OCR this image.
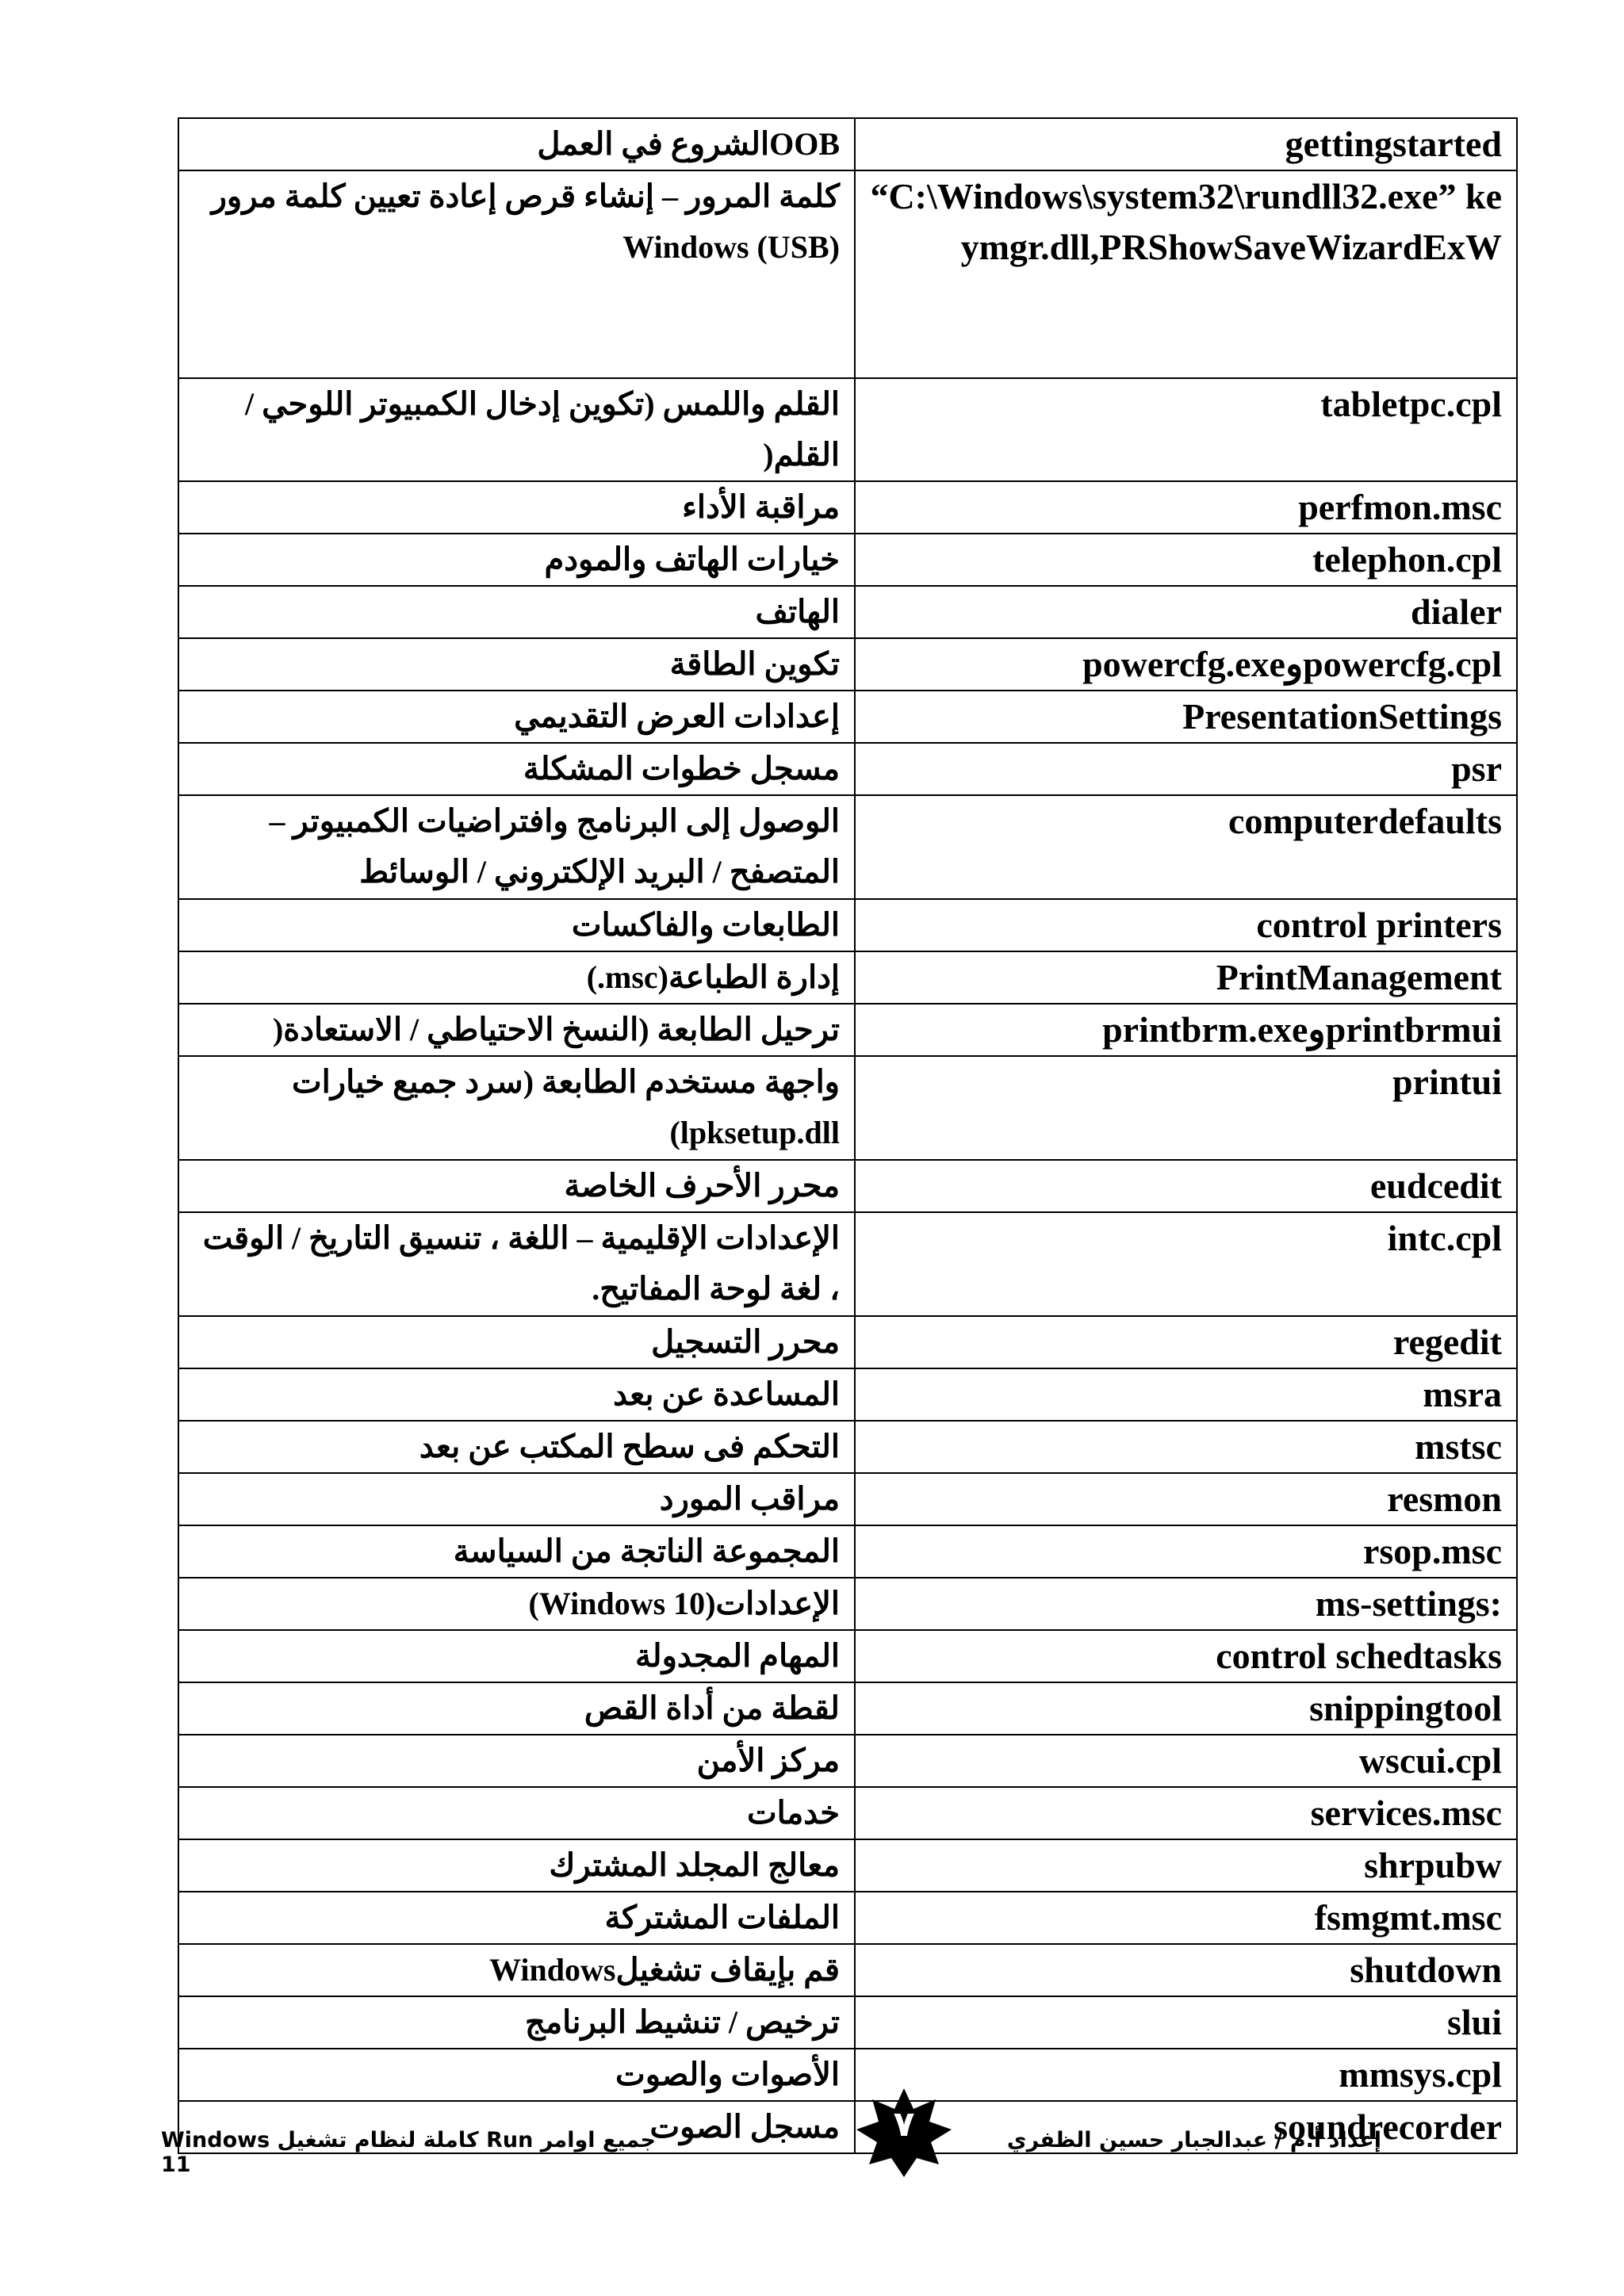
OOBالشروع في العمل	gettingstarted

كلمة المرور – إنشاء قرص إعادة تعيين كلمة مرور Windows (USB)	“C:\Windows\system32\rundll32.exe” keymgr.dll,PRShowSaveWizardExW

القلم واللمس (تكوين إدخال الكمبيوتر اللوحي / القلم(	tabletpc.cpl

مراقبة الأداء	perfmon.msc

خيارات الهاتف والمودم	telephon.cpl

الهاتف	dialer

تكوين الطاقة	powercfg.exeوpowercfg.cpl

إعدادات العرض التقديمي	PresentationSettings

مسجل خطوات المشكلة	psr

الوصول إلى البرنامج وافتراضيات الكمبيوتر – المتصفح / البريد الإلكتروني / الوسائط	computerdefaults

الطابعات والفاكسات	control printers

إدارة الطباعة(msc.)	PrintManagement

ترحيل الطابعة (النسخ الاحتياطي / الاستعادة(	printbrm.exeوprintbrmui

واجهة مستخدم الطابعة (سرد جميع خيارات lpksetup.dll)	printui

محرر الأحرف الخاصة	eudcedit

الإعدادات الإقليمية – اللغة ، تنسيق التاريخ / الوقت ، لغة لوحة المفاتيح.	intc.cpl

محرر التسجيل	regedit

المساعدة عن بعد	msra

التحكم فى سطح المكتب عن بعد	mstsc

مراقب المورد	resmon

المجموعة الناتجة من السياسة	rsop.msc

الإعدادات(Windows 10)	ms-settings:

المهام المجدولة	control schedtasks

لقطة من أداة القص	snippingtool

مركز الأمن	wscui.cpl

خدمات	services.msc

معالج المجلد المشترك	shrpubw

الملفات المشتركة	fsmgmt.msc

قم بإيقاف تشغيلWindows	shutdown

ترخيص / تنشيط البرنامج	slui

الأصوات والصوت	mmsys.cpl

مسجل الصوت	soundrecorder
جميع اوامر Run كاملة لنظام تشغيل Windows 11
إعداد أ.م / عبدالجبار حسين الظفري
٧
